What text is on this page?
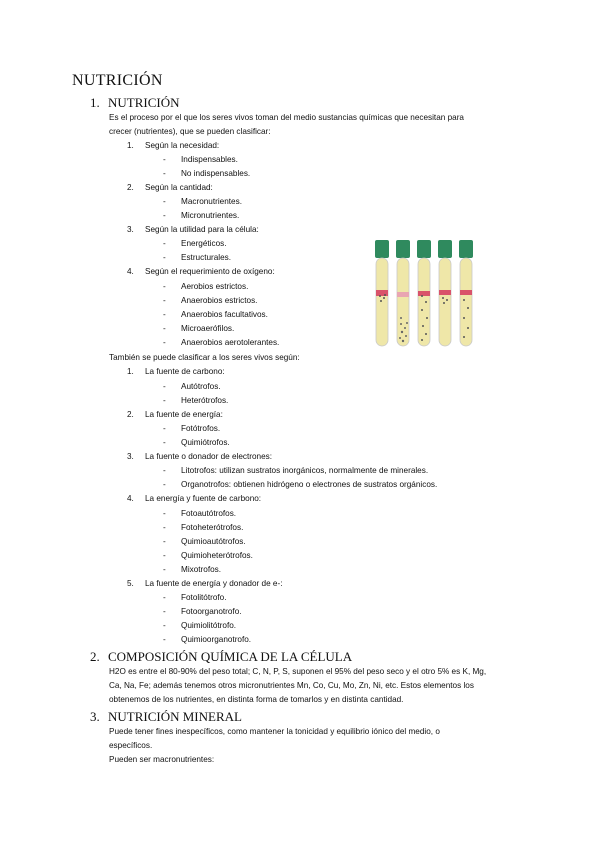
NUTRICIÓN
1. NUTRICIÓN

Es el proceso por el que los seres vivos toman del medio sustancias químicas que necesitan para
crecer (nutrientes), que se pueden clasificar:

1. Según la necesidad:
- Indispensables.
- No indispensables.
2. Según la cantidad:
- Macronutrientes.
- Micronutrientes.
3. Según la utilidad para la célula:
- Energéticos.
- Estructurales.
4. Según el requerimiento de oxígeno:
- Aerobios estrictos.
- Anaerobios estrictos.
- Anaerobios facultativos.
- Microaerófilos.
- Anaerobios aerotolerantes.
También se puede clasificar a los seres vivos según:
1. La fuente de carbono:
- Autótrofos.
- Heterótrofos.
2. La fuente de energía:
- Fotótrofos.
- Quimiótrofos.
3. La fuente o donador de electrones:
- Litotrofos: utilizan sustratos inorgánicos, normalmente de minerales.
- Organotrofos: obtienen hidrógeno o electrones de sustratos orgánicos.
4. La energía y fuente de carbono:
- Fotoautótrofos.
- Fotoheterótrofos.
- Quimioautótrofos.
- Quimioheterótrofos.
- Mixotrofos.
5. La fuente de energía y donador de e-:
- Fotolitótrofo.
- Fotoorganotrofo.
- Quimiolitótrofo.
- Quimioorganotrofo.
2. COMPOSICIÓN QUÍMICA DE LA CÉLULA

H2O es entre el 80-90% del peso total; C, N, P, S, suponen el 95% del peso seco y el otro 5% es K, Mg,
Ca, Na, Fe; además tenemos otros micronutrientes Mn, Co, Cu, Mo, Zn, Ni, etc. Estos elementos los
obtenemos de los nutrientes, en distinta forma de tomarlos y en distinta cantidad.

3. NUTRICIÓN MINERAL

Puede tener fines inespecíficos, como mantener la tonicidad y equilibrio iónico del medio, o
específicos.
Pueden ser macronutrientes:
